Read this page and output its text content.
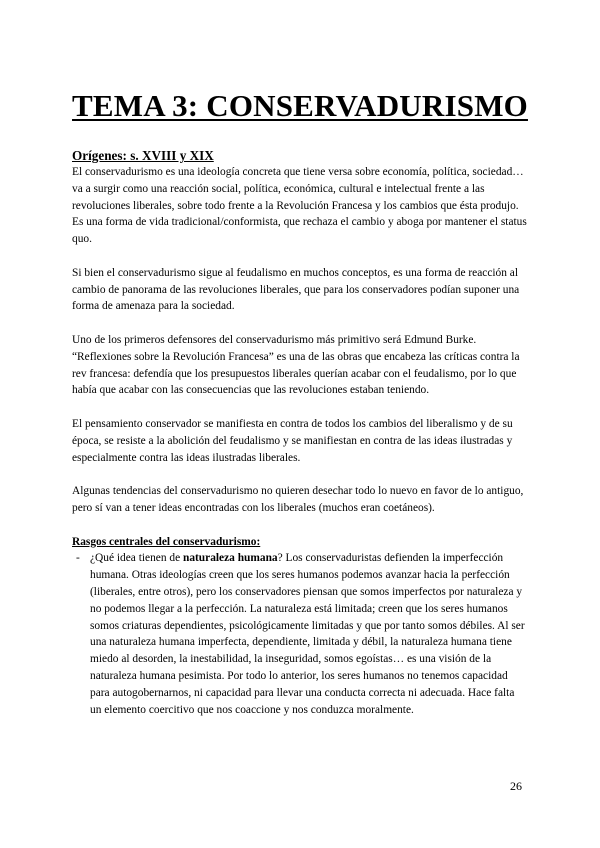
TEMA 3: CONSERVADURISMO
Orígenes: s. XVIII y XIX

El conservadurismo es una ideología concreta que tiene versa sobre economía, política, sociedad… va a surgir como una reacción social, política, económica, cultural e intelectual frente a las revoluciones liberales, sobre todo frente a la Revolución Francesa y los cambios que ésta produjo. Es una forma de vida tradicional/conformista, que rechaza el cambio y aboga por mantener el status quo.

Si bien el conservadurismo sigue al feudalismo en muchos conceptos, es una forma de reacción al cambio de panorama de las revoluciones liberales, que para los conservadores podían suponer una forma de amenaza para la sociedad.

Uno de los primeros defensores del conservadurismo más primitivo será Edmund Burke. “Reflexiones sobre la Revolución Francesa” es una de las obras que encabeza las críticas contra la rev francesa: defendía que los presupuestos liberales querían acabar con el feudalismo, por lo que había que acabar con las consecuencias que las revoluciones estaban teniendo.

El pensamiento conservador se manifiesta en contra de todos los cambios del liberalismo y de su época, se resiste a la abolición del feudalismo y se manifiestan en contra de las ideas ilustradas y especialmente contra las ideas ilustradas liberales.

Algunas tendencias del conservadurismo no quieren desechar todo lo nuevo en favor de lo antiguo, pero sí van a tener ideas encontradas con los liberales (muchos eran coetáneos).

Rasgos centrales del conservadurismo:
- ¿Qué idea tienen de naturaleza humana? Los conservaduristas defienden la imperfección humana. Otras ideologías creen que los seres humanos podemos avanzar hacia la perfección (liberales, entre otros), pero los conservadores piensan que somos imperfectos por naturaleza y no podemos llegar a la perfección. La naturaleza está limitada; creen que los seres humanos somos criaturas dependientes, psicológicamente limitadas y que por tanto somos débiles. Al ser una naturaleza humana imperfecta, dependiente, limitada y débil, la naturaleza humana tiene miedo al desorden, la inestabilidad, la inseguridad, somos egoístas… es una visión de la naturaleza humana pesimista. Por todo lo anterior, los seres humanos no tenemos capacidad para autogobernarnos, ni capacidad para llevar una conducta correcta ni adecuada. Hace falta un elemento coercitivo que nos coaccione y nos conduzca moralmente.
26
